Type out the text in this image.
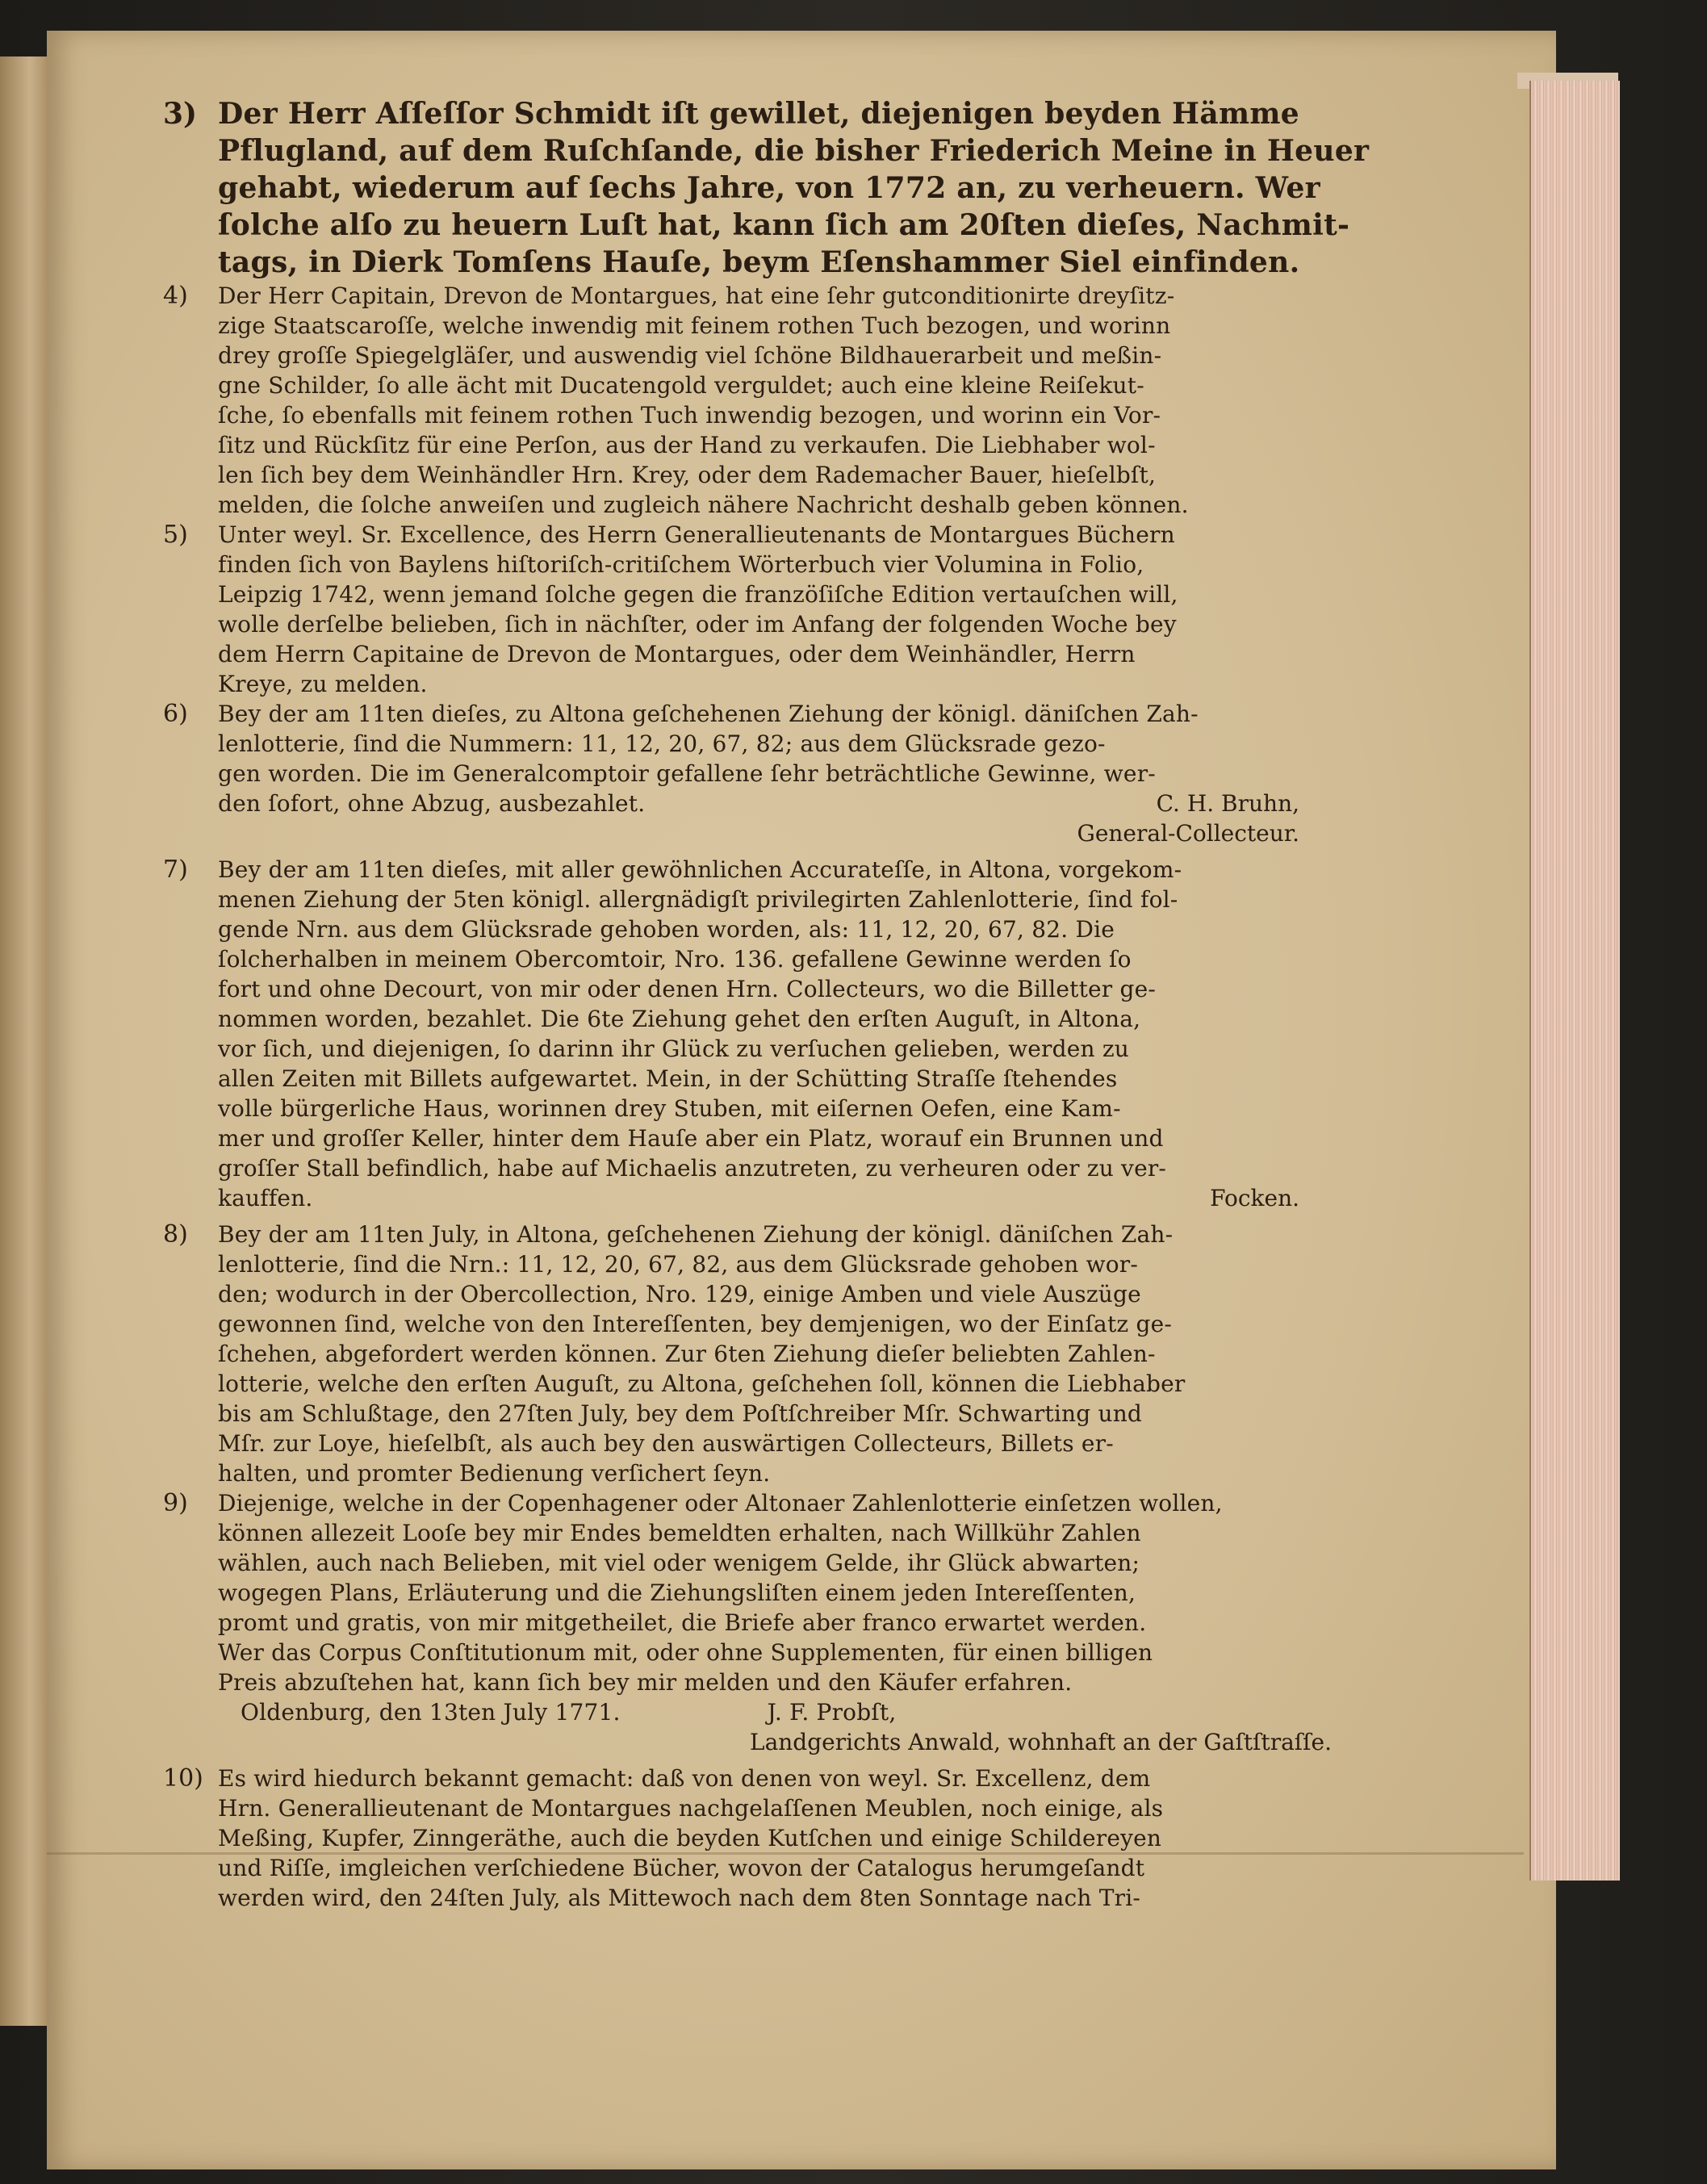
3) Der Herr Aſſeſſor Schmidt iſt gewillet, diejenigen beyden Hämme
Pflugland, auf dem Ruſchſande, die bisher Friederich Meine in Heuer
gehabt, wiederum auf ſechs Jahre, von 1772 an, zu verheuern. Wer
ſolche alſo zu heuern Luſt hat, kann ſich am 20ſten dieſes, Nachmit-
tags, in Dierk Tomſens Hauſe, beym Eſenshammer Siel einfinden.
4) Der Herr Capitain, Drevon de Montargues, hat eine ſehr gutconditionirte dreyſitz-
zige Staatscaroſſe, welche inwendig mit feinem rothen Tuch bezogen, und worinn
drey groſſe Spiegelgläſer, und auswendig viel ſchöne Bildhauerarbeit und meßin-
gne Schilder, ſo alle ächt mit Ducatengold verguldet; auch eine kleine Reiſekut-
ſche, ſo ebenfalls mit feinem rothen Tuch inwendig bezogen, und worinn ein Vor-
ſitz und Rückſitz für eine Perſon, aus der Hand zu verkaufen. Die Liebhaber wol-
len ſich bey dem Weinhändler Hrn. Krey, oder dem Rademacher Bauer, hieſelbſt,
melden, die ſolche anweiſen und zugleich nähere Nachricht deshalb geben können.
5) Unter weyl. Sr. Excellence, des Herrn Generallieutenants de Montargues Büchern
finden ſich von Baylens hiſtoriſch-critiſchem Wörterbuch vier Volumina in Folio,
Leipzig 1742, wenn jemand ſolche gegen die franzöſiſche Edition vertauſchen will,
wolle derſelbe belieben, ſich in nächſter, oder im Anfang der folgenden Woche bey
dem Herrn Capitaine de Drevon de Montargues, oder dem Weinhändler, Herrn
Kreye, zu melden.
6) Bey der am 11ten dieſes, zu Altona geſchehenen Ziehung der königl. däniſchen Zah-
lenlotterie, ſind die Nummern: 11, 12, 20, 67, 82; aus dem Glücksrade gezo-
gen worden. Die im Generalcomptoir gefallene ſehr beträchtliche Gewinne, wer-
den ſofort, ohne Abzug, ausbezahlet.	C. H. Bruhn,
General-Collecteur.
7) Bey der am 11ten dieſes, mit aller gewöhnlichen Accurateſſe, in Altona, vorgekom-
menen Ziehung der 5ten königl. allergnädigſt privilegirten Zahlenlotterie, ſind fol-
gende Nrn. aus dem Glücksrade gehoben worden, als: 11, 12, 20, 67, 82. Die
ſolcherhalben in meinem Obercomtoir, Nro. 136. gefallene Gewinne werden ſo
fort und ohne Decourt, von mir oder denen Hrn. Collecteurs, wo die Billetter ge-
nommen worden, bezahlet. Die 6te Ziehung gehet den erſten Auguſt, in Altona,
vor ſich, und diejenigen, ſo darinn ihr Glück zu verſuchen gelieben, werden zu
allen Zeiten mit Billets aufgewartet. Mein, in der Schütting Straſſe ſtehendes
volle bürgerliche Haus, worinnen drey Stuben, mit eiſernen Oefen, eine Kam-
mer und groſſer Keller, hinter dem Hauſe aber ein Platz, worauf ein Brunnen und
groſſer Stall befindlich, habe auf Michaelis anzutreten, zu verheuren oder zu ver-
kauffen.	Focken.
8) Bey der am 11ten July, in Altona, geſchehenen Ziehung der königl. däniſchen Zah-
lenlotterie, ſind die Nrn.: 11, 12, 20, 67, 82, aus dem Glücksrade gehoben wor-
den; wodurch in der Obercollection, Nro. 129, einige Amben und viele Auszüge
gewonnen ſind, welche von den Intereſſenten, bey demjenigen, wo der Einſatz ge-
ſchehen, abgefordert werden können. Zur 6ten Ziehung dieſer beliebten Zahlen-
lotterie, welche den erſten Auguſt, zu Altona, geſchehen ſoll, können die Liebhaber
bis am Schlußtage, den 27ſten July, bey dem Poſtſchreiber Mſr. Schwarting und
Mſr. zur Loye, hieſelbſt, als auch bey den auswärtigen Collecteurs, Billets er-
halten, und promter Bedienung verſichert ſeyn.
9) Diejenige, welche in der Copenhagener oder Altonaer Zahlenlotterie einſetzen wollen,
können allezeit Looſe bey mir Endes bemeldten erhalten, nach Willkühr Zahlen
wählen, auch nach Belieben, mit viel oder wenigem Gelde, ihr Glück abwarten;
wogegen Plans, Erläuterung und die Ziehungsliſten einem jeden Intereſſenten,
promt und gratis, von mir mitgetheilet, die Briefe aber franco erwartet werden.
Wer das Corpus Conſtitutionum mit, oder ohne Supplementen, für einen billigen
Preis abzuſtehen hat, kann ſich bey mir melden und den Käufer erfahren.
Oldenburg, den 13ten July 1771.                    J. F. Probſt,
Landgerichts Anwald, wohnhaft an der Gaſtſtraſſe.
10) Es wird hiedurch bekannt gemacht: daß von denen von weyl. Sr. Excellenz, dem
Hrn. Generallieutenant de Montargues nachgelaſſenen Meublen, noch einige, als
Meßing, Kupfer, Zinngeräthe, auch die beyden Kutſchen und einige Schildereyen
und Riſſe, imgleichen verſchiedene Bücher, wovon der Catalogus herumgeſandt
werden wird, den 24ſten July, als Mittewoch nach dem 8ten Sonntage nach Tri-
